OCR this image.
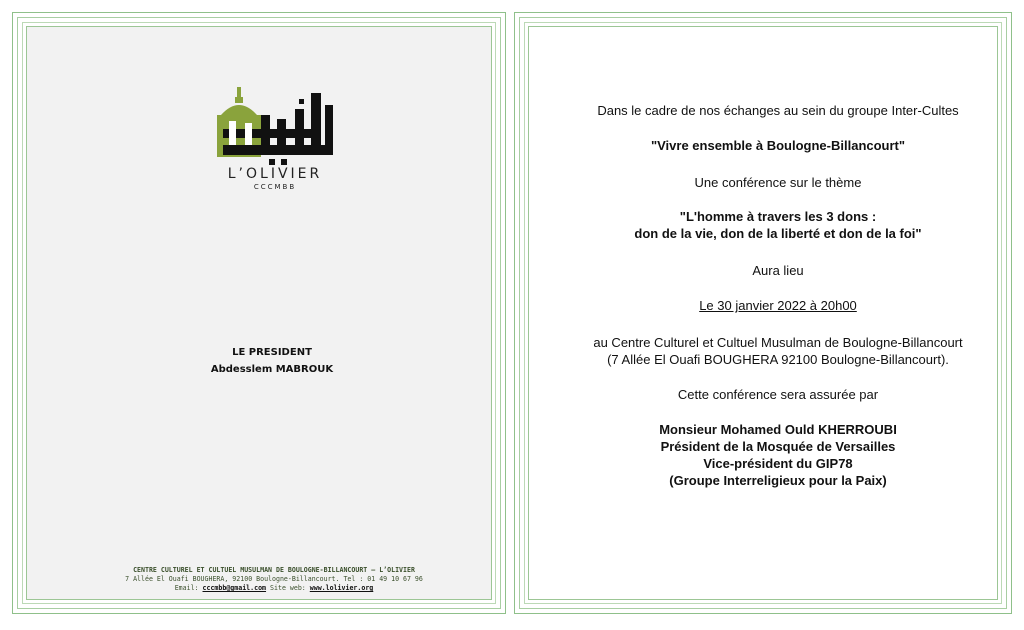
L’OLIVIER
CCCMBB
LE PRESIDENT
Abdesslem MABROUK
CENTRE CULTUREL ET CULTUEL MUSULMAN DE BOULOGNE-BILLANCOURT – L’OLIVIER
7 Allée El Ouafi BOUGHERA, 92100 Boulogne-Billancourt. Tel : 01 49 10 67 96
Email: cccmbb@gmail.com Site web: www.lolivier.org
Dans le cadre de nos échanges au sein du groupe Inter-Cultes
"Vivre ensemble à Boulogne-Billancourt"
Une conférence sur le thème
"L'homme à travers les 3 dons :
don de la vie, don de la liberté et don de la foi"
Aura lieu
Le 30 janvier 2022 à 20h00
au Centre Culturel et Cultuel Musulman de Boulogne-Billancourt
(7 Allée El Ouafi BOUGHERA 92100 Boulogne-Billancourt).
Cette conférence sera assurée par
Monsieur Mohamed Ould KHERROUBI
Président de la Mosquée de Versailles
Vice-président du GIP78
(Groupe Interreligieux pour la Paix)
